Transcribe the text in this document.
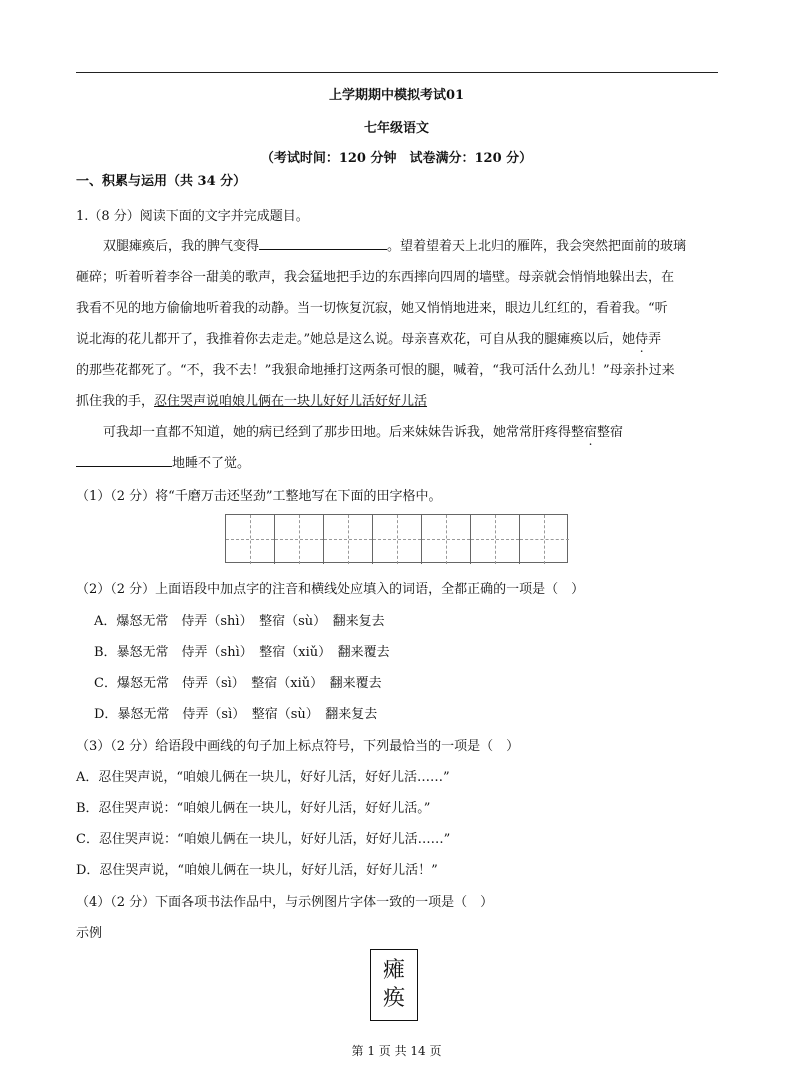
上学期期中模拟考试01
七年级语文
（考试时间：120 分钟　试卷满分：120 分）
一、积累与运用（共 34 分）
1.（8 分）阅读下面的文字并完成题目。
双腿瘫痪后，我的脾气变得	。望着望着天上北归的雁阵，我会突然把面前的玻璃
砸碎；听着听着李谷一甜美的歌声，我会猛地把手边的东西摔向四周的墙壁。母亲就会悄悄地躲出去，在
我看不见的地方偷偷地听着我的动静。当一切恢复沉寂，她又悄悄地进来，眼边儿红红的，看着我。“听
说北海的花儿都开了，我推着你去走走。”她总是这么说。母亲喜欢花，可自从我的腿瘫痪以后，她侍弄
的那些花都死了。“不，我不去！”我狠命地捶打这两条可恨的腿，喊着，“我可活什么劲儿！”母亲扑过来
抓住我的手，忍住哭声说咱娘儿俩在一块儿好好儿活好好儿活
可我却一直都不知道，她的病已经到了那步田地。后来妹妹告诉我，她常常肝疼得整宿整宿
地睡不了觉。
（1）（2 分）将“千磨万击还坚劲”工整地写在下面的田字格中。
（2）（2 分）上面语段中加点字的注音和横线处应填入的词语，全都正确的一项是（　）
A．爆怒无常　侍弄（shì）　整宿（sù）　翻来复去
B．暴怒无常　侍弄（shì）　整宿（xiǔ）　翻来覆去
C．爆怒无常　侍弄（sì）　整宿（xiǔ）　翻来覆去
D．暴怒无常　侍弄（sì）　整宿（sù）　翻来复去
（3）（2 分）给语段中画线的句子加上标点符号，下列最恰当的一项是（　）
A．忍住哭声说，“咱娘儿俩在一块儿，好好儿活，好好儿活……”
B．忍住哭声说：“咱娘儿俩在一块儿，好好儿活，好好儿活。”
C．忍住哭声说：“咱娘儿俩在一块儿，好好儿活，好好儿活……”
D．忍住哭声说，“咱娘儿俩在一块儿，好好儿活，好好儿活！”
（4）（2 分）下面各项书法作品中，与示例图片字体一致的一项是（　）
示例
瘫
痪
第 1 页 共 14 页
